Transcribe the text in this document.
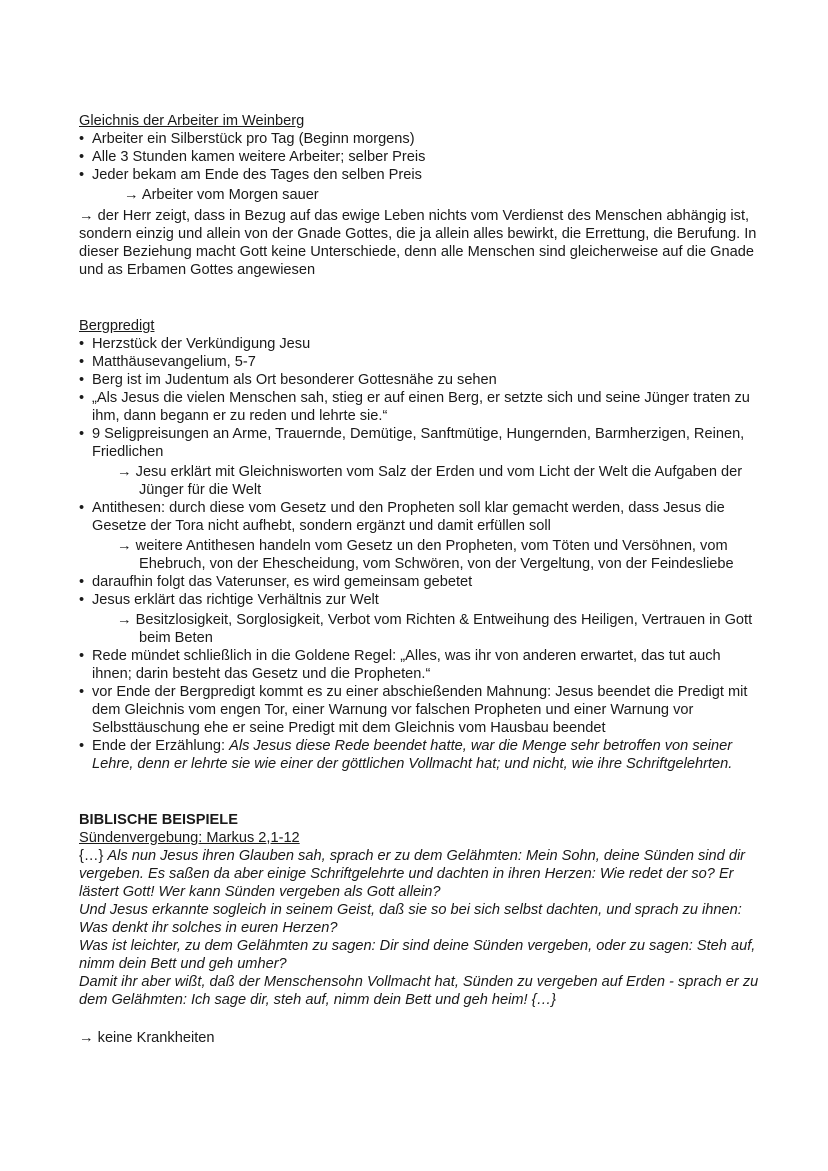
Gleichnis der Arbeiter im Weinberg

• Arbeiter ein Silberstück pro Tag (Beginn morgens)
• Alle 3 Stunden kamen weitere Arbeiter; selber Preis
• Jeder bekam am Ende des Tages den selben Preis

→ Arbeiter vom Morgen sauer

→ der Herr zeigt, dass in Bezug auf das ewige Leben nichts vom Verdienst des Menschen abhängig ist, sondern einzig und allein von der Gnade Gottes, die ja allein alles bewirkt, die Errettung, die Berufung. In dieser Beziehung macht Gott keine Unterschiede, denn alle Menschen sind gleicherweise auf die Gnade und as Erbamen Gottes angewiesen

Bergpredigt

• Herzstück der Verkündigung Jesu
• Matthäusevangelium, 5-7
• Berg ist im Judentum als Ort besonderer Gottesnähe zu sehen
• „Als Jesus die vielen Menschen sah, stieg er auf einen Berg, er setzte sich und seine Jünger traten zu ihm, dann begann er zu reden und lehrte sie.“
• 9 Seligpreisungen an Arme, Trauernde, Demütige, Sanftmütige, Hungernden, Barmherzigen, Reinen, Friedlichen

→ Jesu erklärt mit Gleichnisworten vom Salz der Erden und vom Licht der Welt die Aufgaben der Jünger für die Welt

• Antithesen: durch diese vom Gesetz und den Propheten soll klar gemacht werden, dass Jesus die Gesetze der Tora nicht aufhebt, sondern ergänzt und damit erfüllen soll

→ weitere Antithesen handeln vom Gesetz un den Propheten, vom Töten und Versöhnen, vom Ehebruch, von der Ehescheidung, vom Schwören, von der Vergeltung, von der Feindesliebe

• daraufhin folgt das Vaterunser, es wird gemeinsam gebetet
• Jesus erklärt das richtige Verhältnis zur Welt

→ Besitzlosigkeit, Sorglosigkeit, Verbot vom Richten & Entweihung des Heiligen, Vertrauen in Gott beim Beten

• Rede mündet schließlich in die Goldene Regel: „Alles, was ihr von anderen erwartet, das tut auch ihnen; darin besteht das Gesetz und die Propheten.“
• vor Ende der Bergpredigt kommt es zu einer abschießenden Mahnung: Jesus beendet die Predigt mit dem Gleichnis vom engen Tor, einer Warnung vor falschen Propheten und einer Warnung vor Selbsttäuschung ehe er seine Predigt mit dem Gleichnis vom Hausbau beendet
• Ende der Erzählung: Als Jesus diese Rede beendet hatte, war die Menge sehr betroffen von seiner Lehre, denn er lehrte sie wie einer der göttlichen Vollmacht hat; und nicht, wie ihre Schriftgelehrten.

BIBLISCHE BEISPIELE

Sündenvergebung: Markus 2,1-12

{…} Als nun Jesus ihren Glauben sah, sprach er zu dem Gelähmten: Mein Sohn, deine Sünden sind dir vergeben. Es saßen da aber einige Schriftgelehrte und dachten in ihren Herzen: Wie redet der so? Er lästert Gott! Wer kann Sünden vergeben als Gott allein?

Und Jesus erkannte sogleich in seinem Geist, daß sie so bei sich selbst dachten, und sprach zu ihnen: Was denkt ihr solches in euren Herzen?

Was ist leichter, zu dem Gelähmten zu sagen: Dir sind deine Sünden vergeben, oder zu sagen: Steh auf, nimm dein Bett und geh umher?

Damit ihr aber wißt, daß der Menschensohn Vollmacht hat, Sünden zu vergeben auf Erden - sprach er zu dem Gelähmten: Ich sage dir, steh auf, nimm dein Bett und geh heim! {…}

→ keine Krankheiten
